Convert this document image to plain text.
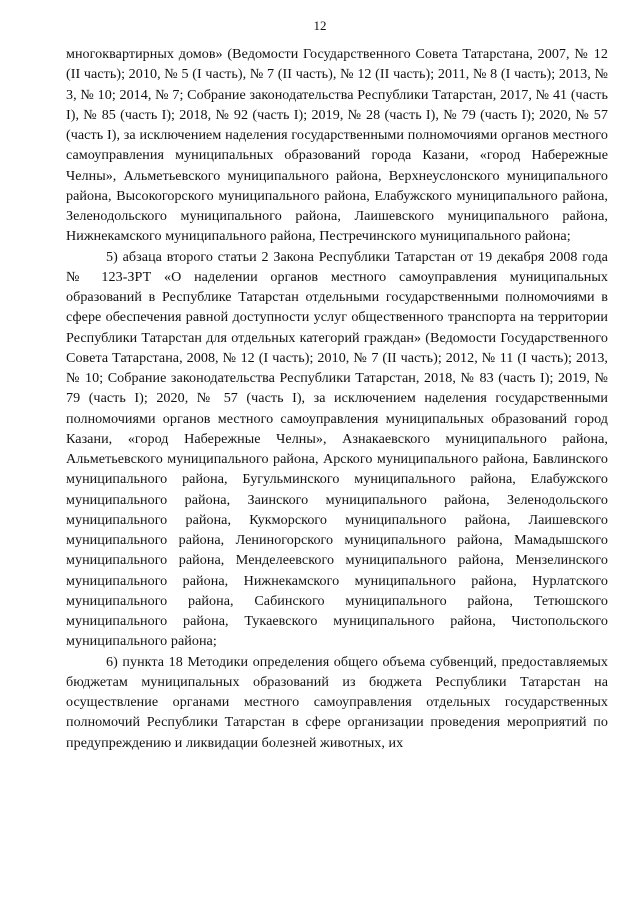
12

многоквартирных домов» (Ведомости Государственного Совета Татарстана, 2007, № 12 (II часть); 2010, № 5 (I часть), № 7 (II часть), № 12 (II часть); 2011, № 8 (I часть); 2013, № 3, № 10; 2014, № 7; Собрание законодательства Республики Татарстан, 2017, № 41 (часть I), № 85 (часть I); 2018, № 92 (часть I); 2019, № 28 (часть I), № 79 (часть I); 2020, № 57 (часть I), за исключением наделения государственными полномочиями органов местного самоуправления муниципальных образований города Казани, «город Набережные Челны», Альметьевского муниципального района, Верхнеуслонского муниципального района, Высокогорского муниципального района, Елабужского муниципального района, Зеленодольского муниципального района, Лаишевского муниципального района, Нижнекамского муниципального района, Пестречинского муниципального района;

5) абзаца второго статьи 2 Закона Республики Татарстан от 19 декабря 2008 года № 123-ЗРТ «О наделении органов местного самоуправления муниципальных образований в Республике Татарстан отдельными государственными полномочиями в сфере обеспечения равной доступности услуг общественного транспорта на территории Республики Татарстан для отдельных категорий граждан» (Ведомости Государственного Совета Татарстана, 2008, № 12 (I часть); 2010, № 7 (II часть); 2012, № 11 (I часть); 2013, № 10; Собрание законодательства Республики Татарстан, 2018, № 83 (часть I); 2019, № 79 (часть I); 2020, № 57 (часть I), за исключением наделения государственными полномочиями органов местного самоуправления муниципальных образований город Казани, «город Набережные Челны», Азнакаевского муниципального района, Альметьевского муниципального района, Арского муниципального района, Бавлинского муниципального района, Бугульминского муниципального района, Елабужского муниципального района, Заинского муниципального района, Зеленодольского муниципального района, Кукморского муниципального района, Лаишевского муниципального района, Лениногорского муниципального района, Мамадышского муниципального района, Менделеевского муниципального района, Мензелинского муниципального района, Нижнекамского муниципального района, Нурлатского муниципального района, Сабинского муниципального района, Тетюшского муниципального района, Тукаевского муниципального района, Чистопольского муниципального района;

6) пункта 18 Методики определения общего объема субвенций, предоставляемых бюджетам муниципальных образований из бюджета Республики Татарстан на осуществление органами местного самоуправления отдельных государственных полномочий Республики Татарстан в сфере организации проведения мероприятий по предупреждению и ликвидации болезней животных, их
